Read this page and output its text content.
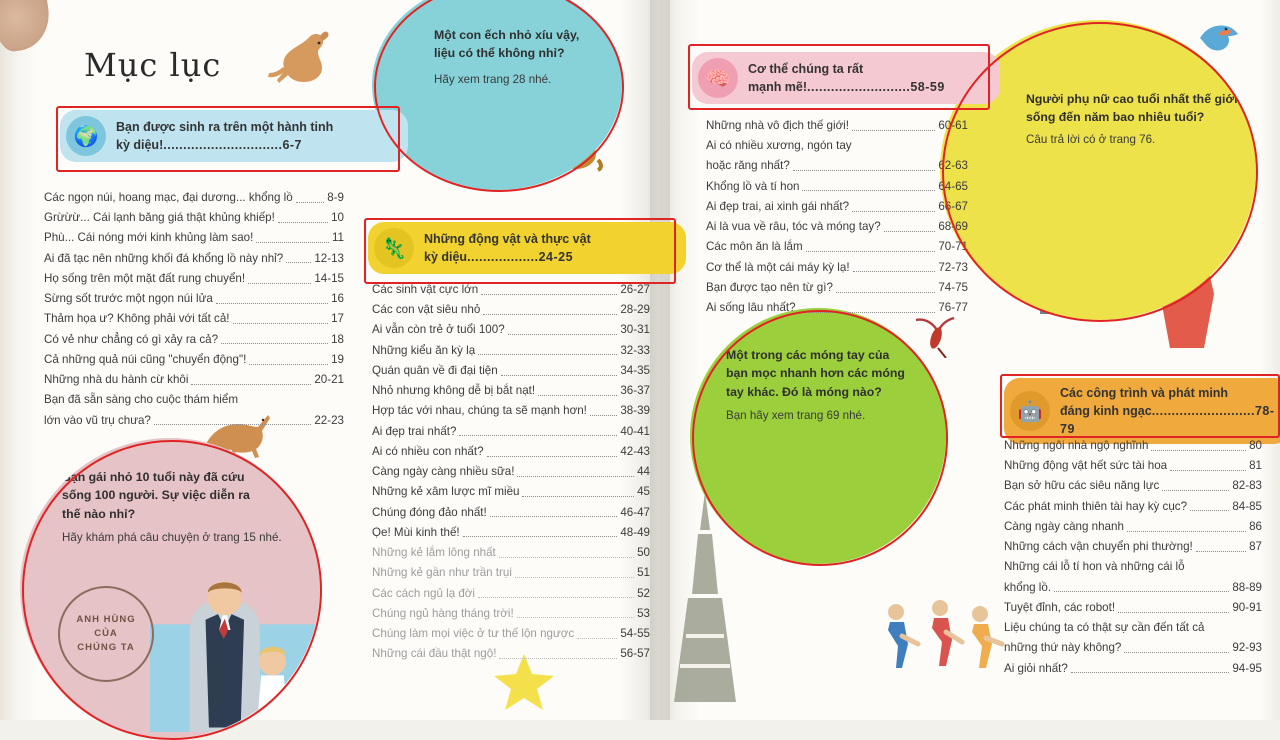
Mục lục
Một con ếch nhỏ xíu vậy,
liệu có thể không nhỉ?
Hãy xem trang 28 nhé.
Bạn gái nhỏ 10 tuổi này đã cứu
sống 100 người. Sự việc diễn ra
thế nào nhỉ?
Hãy khám phá câu chuyện ở trang 15 nhé.
Một trong các móng tay của
bạn mọc nhanh hơn các móng
tay khác. Đó là móng nào?
Bạn hãy xem trang 69 nhé.
Người phụ nữ cao tuổi nhất thế giới
sống đến năm bao nhiêu tuổi?
Câu trả lời có ở trang 76.
ANH HÙNG
CỦA
CHÚNG TA
🌍	Bạn được sinh ra trên một hành tinh
kỳ diệu!..............................6-7
🦎	Những động vật và thực vật
kỳ diệu..................24-25
🧠	Cơ thể chúng ta rất
mạnh mẽ!..........................58-59
🤖
Các công trình và phát minh
đáng kinh ngạc..........................78-79
Các ngọn núi, hoang mạc, đại dương... khổng lồ	8-9
Grừừừ... Cái lạnh băng giá thật khủng khiếp!	10
Phù... Cái nóng mới kinh khủng làm sao!	11
Ai đã tạc nên những khối đá khổng lồ này nhỉ?	12-13
Họ sống trên một mặt đất rung chuyển!	14-15
Sừng sốt trước một ngọn núi lửa	16
Thảm họa ư? Không phải với tất cả!	17
Có vẻ như chẳng có gì xảy ra cả?	18
Cả những quả núi cũng "chuyển động"!	19
Những nhà du hành cừ khôi	20-21
Bạn đã sẵn sàng cho cuộc thám hiểm
lớn vào vũ trụ chưa?	22-23
Các sinh vật cực lớn	26-27
Các con vật siêu nhỏ	28-29
Ai vẫn còn trẻ ở tuổi 100?	30-31
Những kiểu ăn kỳ lạ	32-33
Quán quân về đi đại tiện	34-35
Nhỏ nhưng không dễ bị bắt nạt!	36-37
Hợp tác với nhau, chúng ta sẽ mạnh hơn!	38-39
Ai đẹp trai nhất?	40-41
Ai có nhiều con nhất?	42-43
Càng ngày càng nhiều sữa!	44
Những kẻ xâm lược mĩ miều	45
Chúng đóng đảo nhất!	46-47
Ọe! Mùi kinh thế!	48-49
Những kẻ lắm lông nhất	50
Những kẻ gần như trần trụi	51
Các cách ngủ lạ đời	52
Chúng ngủ hàng tháng trời!	53
Chúng làm mọi việc ở tư thế lộn ngược	54-55
Những cái đầu thật ngộ!	56-57
Những nhà vô địch thế giới!	60-61
Ai có nhiều xương, ngón tay
hoặc răng nhất?	62-63
Khổng lồ và tí hon	64-65
Ai đẹp trai, ai xinh gái nhất?	66-67
Ai là vua về râu, tóc và móng tay?	68-69
Các môn ăn là lắm	70-71
Cơ thể là một cái máy kỳ lạ!	72-73
Bạn được tạo nên từ gì?	74-75
Ai sống lâu nhất?	76-77
Những ngôi nhà ngộ nghĩnh	80
Những động vật hết sức tài hoa	81
Bạn sở hữu các siêu năng lực	82-83
Các phát minh thiên tài hay kỳ cục?	84-85
Càng ngày càng nhanh	86
Những cách vận chuyển phi thường!	87
Những cái lỗ tí hon và những cái lỗ
khổng lồ.	88-89
Tuyệt đỉnh, các robot!	90-91
Liệu chúng ta có thật sự cần đến tất cả
những thứ này không?	92-93
Ai giỏi nhất?	94-95
